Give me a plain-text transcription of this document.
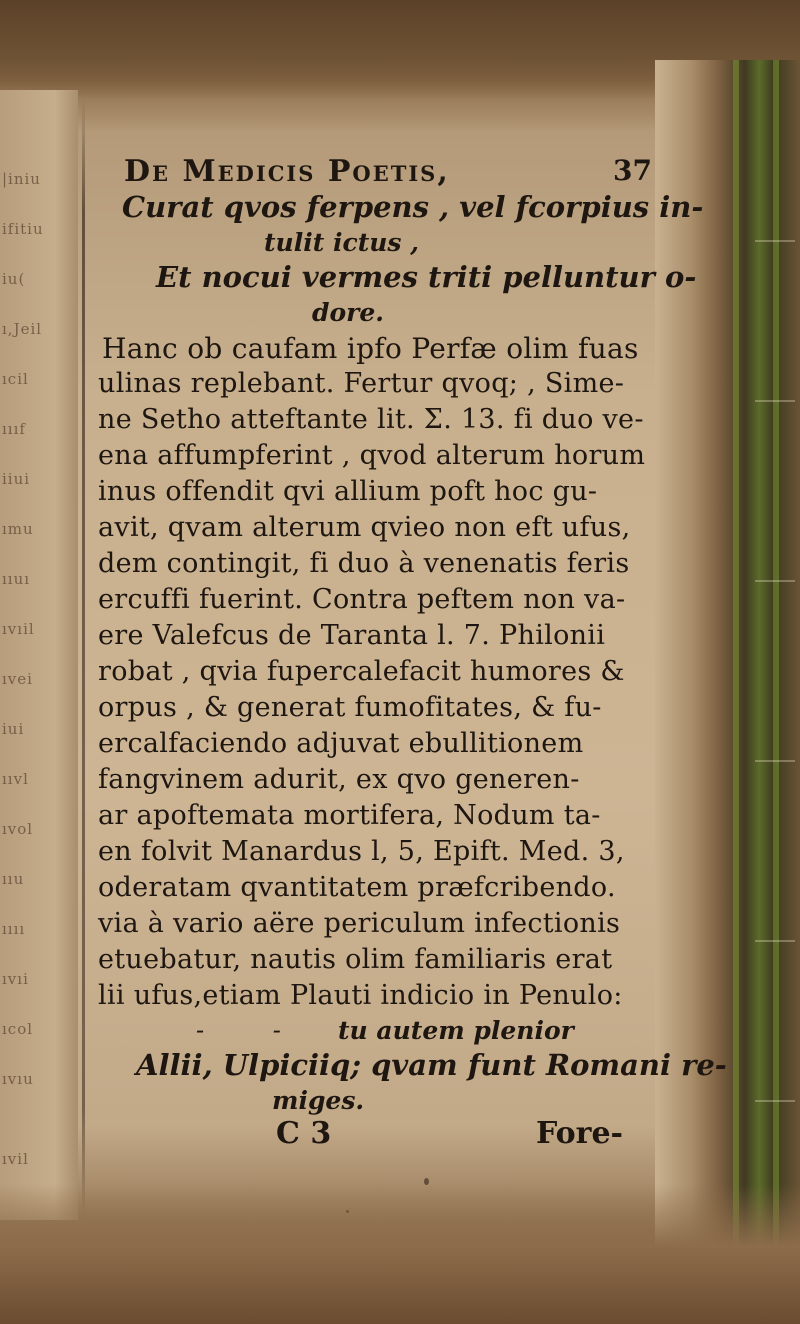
|iniu
ifitiu
iu(
ı,Jeil
ıcil
ıııf
iiui
ımu
ııuı
ıvıil
ıvei
iui
ııvl
ıvol
ııu
ıııı
ıvıi
ıcol
ıvıu
ıvil
De Medicis Poetis,	37
Curat qvos ferpens , vel fcorpius in-
tulit ictus ,
Et nocui vermes triti pelluntur o-
dore.
Hanc ob caufam ipfo Perfæ olim fuas
ulinas replebant. Fertur qvoq; , Sime-
ne Setho atteftante lit. Σ. 13. fi duo ve-
ena affumpferint , qvod alterum horum
inus offendit qvi allium poft hoc gu-
avit, qvam alterum qvieo non eft ufus,
dem contingit, fi duo à venenatis feris
ercuffi fuerint. Contra peftem non va-
ere Valefcus de Taranta l. 7. Philonii
robat , qvia fupercalefacit humores &
orpus , & generat fumofitates, & fu-
ercalfaciendo adjuvat ebullitionem
fangvinem adurit, ex qvo generen-
ar apoftemata mortifera, Nodum ta-
en folvit Manardus l, 5, Epift. Med. 3,
oderatam qvantitatem præfcribendo.
via à vario aëre periculum infectionis
etuebatur, nautis olim familiaris erat
lii ufus,etiam Plauti indicio in Penulo:
-         - tu autem plenior
Allii, Ulpiciiq; qvam funt Romani re-
miges.
C 3	Fore-
